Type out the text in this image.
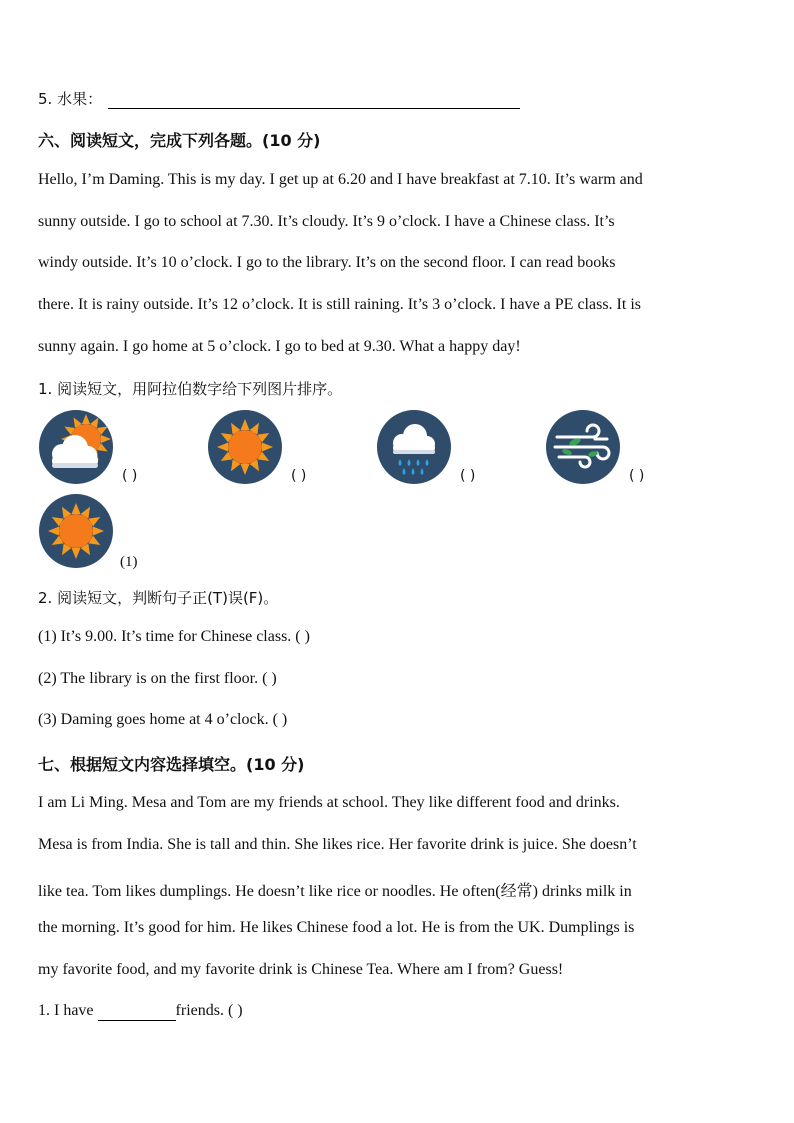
5. 水果：
六、阅读短文，完成下列各题。(10 分)
Hello, I’m Daming. This is my day. I get up at 6.20 and I have breakfast at 7.10. It’s warm and
sunny outside. I go to school at 7.30. It’s cloudy. It’s 9 o’clock. I have a Chinese class. It’s
windy outside. It’s 10 o’clock. I go to the library. It’s on the second floor. I can read books
there. It is rainy outside. It’s 12 o’clock. It is still raining. It’s 3 o’clock. I have a PE class. It is
sunny again. I go home at 5 o’clock. I go to bed at 9.30. What a happy day!
1. 阅读短文，用阿拉伯数字给下列图片排序。
( )	( )	( )	( )
(1)
2. 阅读短文，判断句子正(T)误(F)。
(1) It’s 9.00. It’s time for Chinese class. ( )
(2) The library is on the first floor. ( )
(3) Daming goes home at 4 o’clock. ( )
七、根据短文内容选择填空。(10 分)
I am Li Ming. Mesa and Tom are my friends at school. They like different food and drinks.
Mesa is from India. She is tall and thin. She likes rice. Her favorite drink is juice. She doesn’t
like tea. Tom likes dumplings. He doesn’t like rice or noodles. He often(经常) drinks milk in
the morning. It’s good for him. He likes Chinese food a lot. He is from the UK. Dumplings is
my favorite food, and my favorite drink is Chinese Tea. Where am I from? Guess!
1. I have	friends. ( )
